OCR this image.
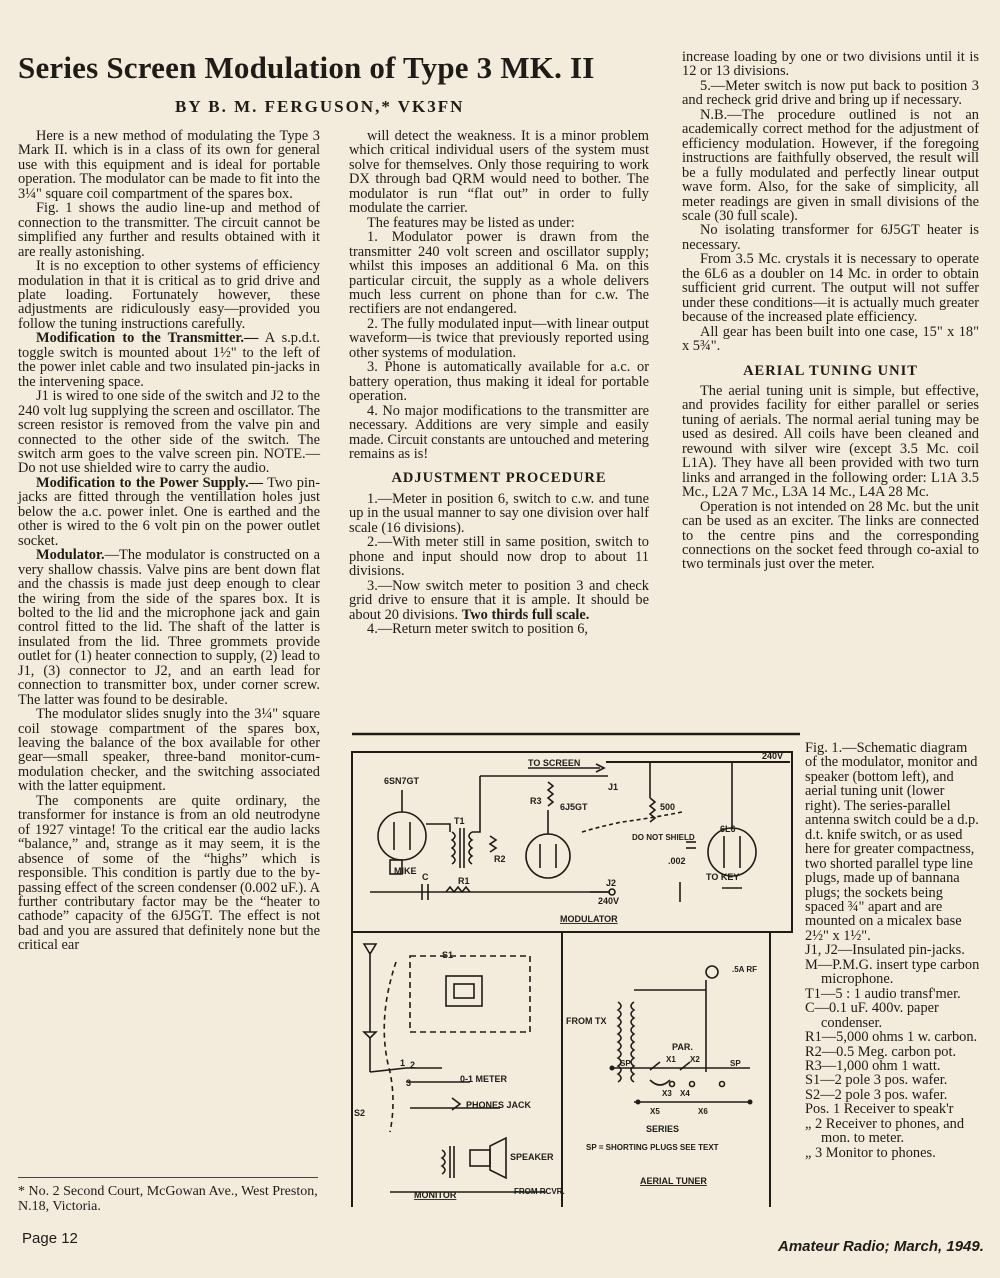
Series Screen Modulation of Type 3 MK. II
BY B. M. FERGUSON,* VK3FN

Here is a new method of modulating the Type 3 Mark II. which is in a class of its own for general use with this equipment and is ideal for portable operation. The modulator can be made to fit into the 3¼" square coil compartment of the spares box.

Fig. 1 shows the audio line-up and method of connection to the transmitter. The circuit cannot be simplified any further and results obtained with it are really astonishing.

It is no exception to other systems of efficiency modulation in that it is critical as to grid drive and plate loading. Fortunately however, these adjustments are ridiculously easy—provided you follow the tuning instructions carefully.

Modification to the Transmitter.— A s.p.d.t. toggle switch is mounted about 1½" to the left of the power inlet cable and two insulated pin-jacks in the intervening space.

J1 is wired to one side of the switch and J2 to the 240 volt lug supplying the screen and oscillator. The screen resistor is removed from the valve pin and connected to the other side of the switch. The switch arm goes to the valve screen pin. NOTE.—Do not use shielded wire to carry the audio.

Modification to the Power Supply.— Two pin-jacks are fitted through the ventillation holes just below the a.c. power inlet. One is earthed and the other is wired to the 6 volt pin on the power outlet socket.

Modulator.—The modulator is constructed on a very shallow chassis. Valve pins are bent down flat and the chassis is made just deep enough to clear the wiring from the side of the spares box. It is bolted to the lid and the microphone jack and gain control fitted to the lid. The shaft of the latter is insulated from the lid. Three grommets provide outlet for (1) heater connection to supply, (2) lead to J1, (3) connector to J2, and an earth lead for connection to transmitter box, under corner screw. The latter was found to be desirable.

The modulator slides snugly into the 3¼" square coil stowage compartment of the spares box, leaving the balance of the box available for other gear—small speaker, three-band monitor-cum-modulation checker, and the switching associated with the latter equipment.

The components are quite ordinary, the transformer for instance is from an old neutrodyne of 1927 vintage! To the critical ear the audio lacks “balance,” and, strange as it may seem, it is the absence of some of the “highs” which is responsible. This condition is partly due to the by-passing effect of the screen condenser (0.002 uF.). A further contributary factor may be the “heater to cathode” capacity of the 6J5GT. The effect is not bad and you are assured that definitely none but the critical ear

will detect the weakness. It is a minor problem which critical individual users of the system must solve for themselves. Only those requiring to work DX through bad QRM would need to bother. The modulator is run “flat out” in order to fully modulate the carrier.

The features may be listed as under:

1. Modulator power is drawn from the transmitter 240 volt screen and oscillator supply; whilst this imposes an additional 6 Ma. on this particular circuit, the supply as a whole delivers much less current on phone than for c.w. The rectifiers are not endangered.

2. The fully modulated input—with linear output waveform—is twice that previously reported using other systems of modulation.

3. Phone is automatically available for a.c. or battery operation, thus making it ideal for portable operation.

4. No major modifications to the transmitter are necessary. Additions are very simple and easily made. Circuit constants are untouched and metering remains as is!

ADJUSTMENT PROCEDURE

1.—Meter in position 6, switch to c.w. and tune up in the usual manner to say one division over half scale (16 divisions).

2.—With meter still in same position, switch to phone and input should now drop to about 11 divisions.

3.—Now switch meter to position 3 and check grid drive to ensure that it is ample. It should be about 20 divisions. Two thirds full scale.

4.—Return meter switch to position 6,

increase loading by one or two divisions until it is 12 or 13 divisions.

5.—Meter switch is now put back to position 3 and recheck grid drive and bring up if necessary.

N.B.—The procedure outlined is not an academically correct method for the adjustment of efficiency modulation. However, if the foregoing instructions are faithfully observed, the result will be a fully modulated and perfectly linear output wave form. Also, for the sake of simplicity, all meter readings are given in small divisions of the scale (30 full scale).

No isolating transformer for 6J5GT heater is necessary.

From 3.5 Mc. crystals it is necessary to operate the 6L6 as a doubler on 14 Mc. in order to obtain sufficient grid current. The output will not suffer under these conditions—it is actually much greater because of the increased plate efficiency.

All gear has been built into one case, 15" x 18" x 5¾".

AERIAL TUNING UNIT

The aerial tuning unit is simple, but effective, and provides facility for either parallel or series tuning of aerials. The normal aerial tuning may be used as desired. All coils have been cleaned and rewound with silver wire (except 3.5 Mc. coil L1A). They have all been provided with two turn links and arranged in the following order: L1A 3.5 Mc., L2A 7 Mc., L3A 14 Mc., L4A 28 Mc.

Operation is not intended on 28 Mc. but the unit can be used as an exciter. The links are connected to the centre pins and the corresponding connections on the socket feed through co-axial to two terminals just over the meter.

Fig. 1.—Schematic diagram of the modulator, monitor and speaker (bottom left), and aerial tuning unit (lower right). The series-parallel antenna switch could be a d.p. d.t. knife switch, or as used here for greater compactness, two shorted parallel type line plugs, made up of bannana plugs; the sockets being spaced ¾" apart and are mounted on a micalex base 2½" x 1½".

J1, J2—Insulated pin-jacks.

M—P.M.G. insert type carbon microphone.

T1—5 : 1 audio transf'mer.

C—0.1 uF. 400v. paper condenser.

R1—5,000 ohms 1 w. carbon.

R2—0.5 Meg. carbon pot.

R3—1,000 ohm 1 watt.

S1—2 pole 3 pos. wafer.

S2—2 pole 3 pos. wafer.

Pos. 1 Receiver to speak'r

„ 2 Receiver to phones, and mon. to meter.

„ 3 Monitor to phones.

TO SCREEN
240V
6SN7GT
T1
R3
6J5GT
J1
500
6L6
R2
DO NOT SHIELD
.002
TO KEY
MIKE
C	R1	J2
240V
MODULATOR
S1
S2
1 2
3	0-1 METER
PHONES JACK
SPEAKER
MONITOR	FROM RCVR.
FROM TX
.5A RF
PAR.
X1 X2
SP	SP
X3 X4
X5	X6
SERIES
SP = SHORTING PLUGS SEE TEXT
AERIAL TUNER
* No. 2 Second Court, McGowan Ave., West Preston, N.18, Victoria.
Page 12	Amateur Radio; March, 1949.
